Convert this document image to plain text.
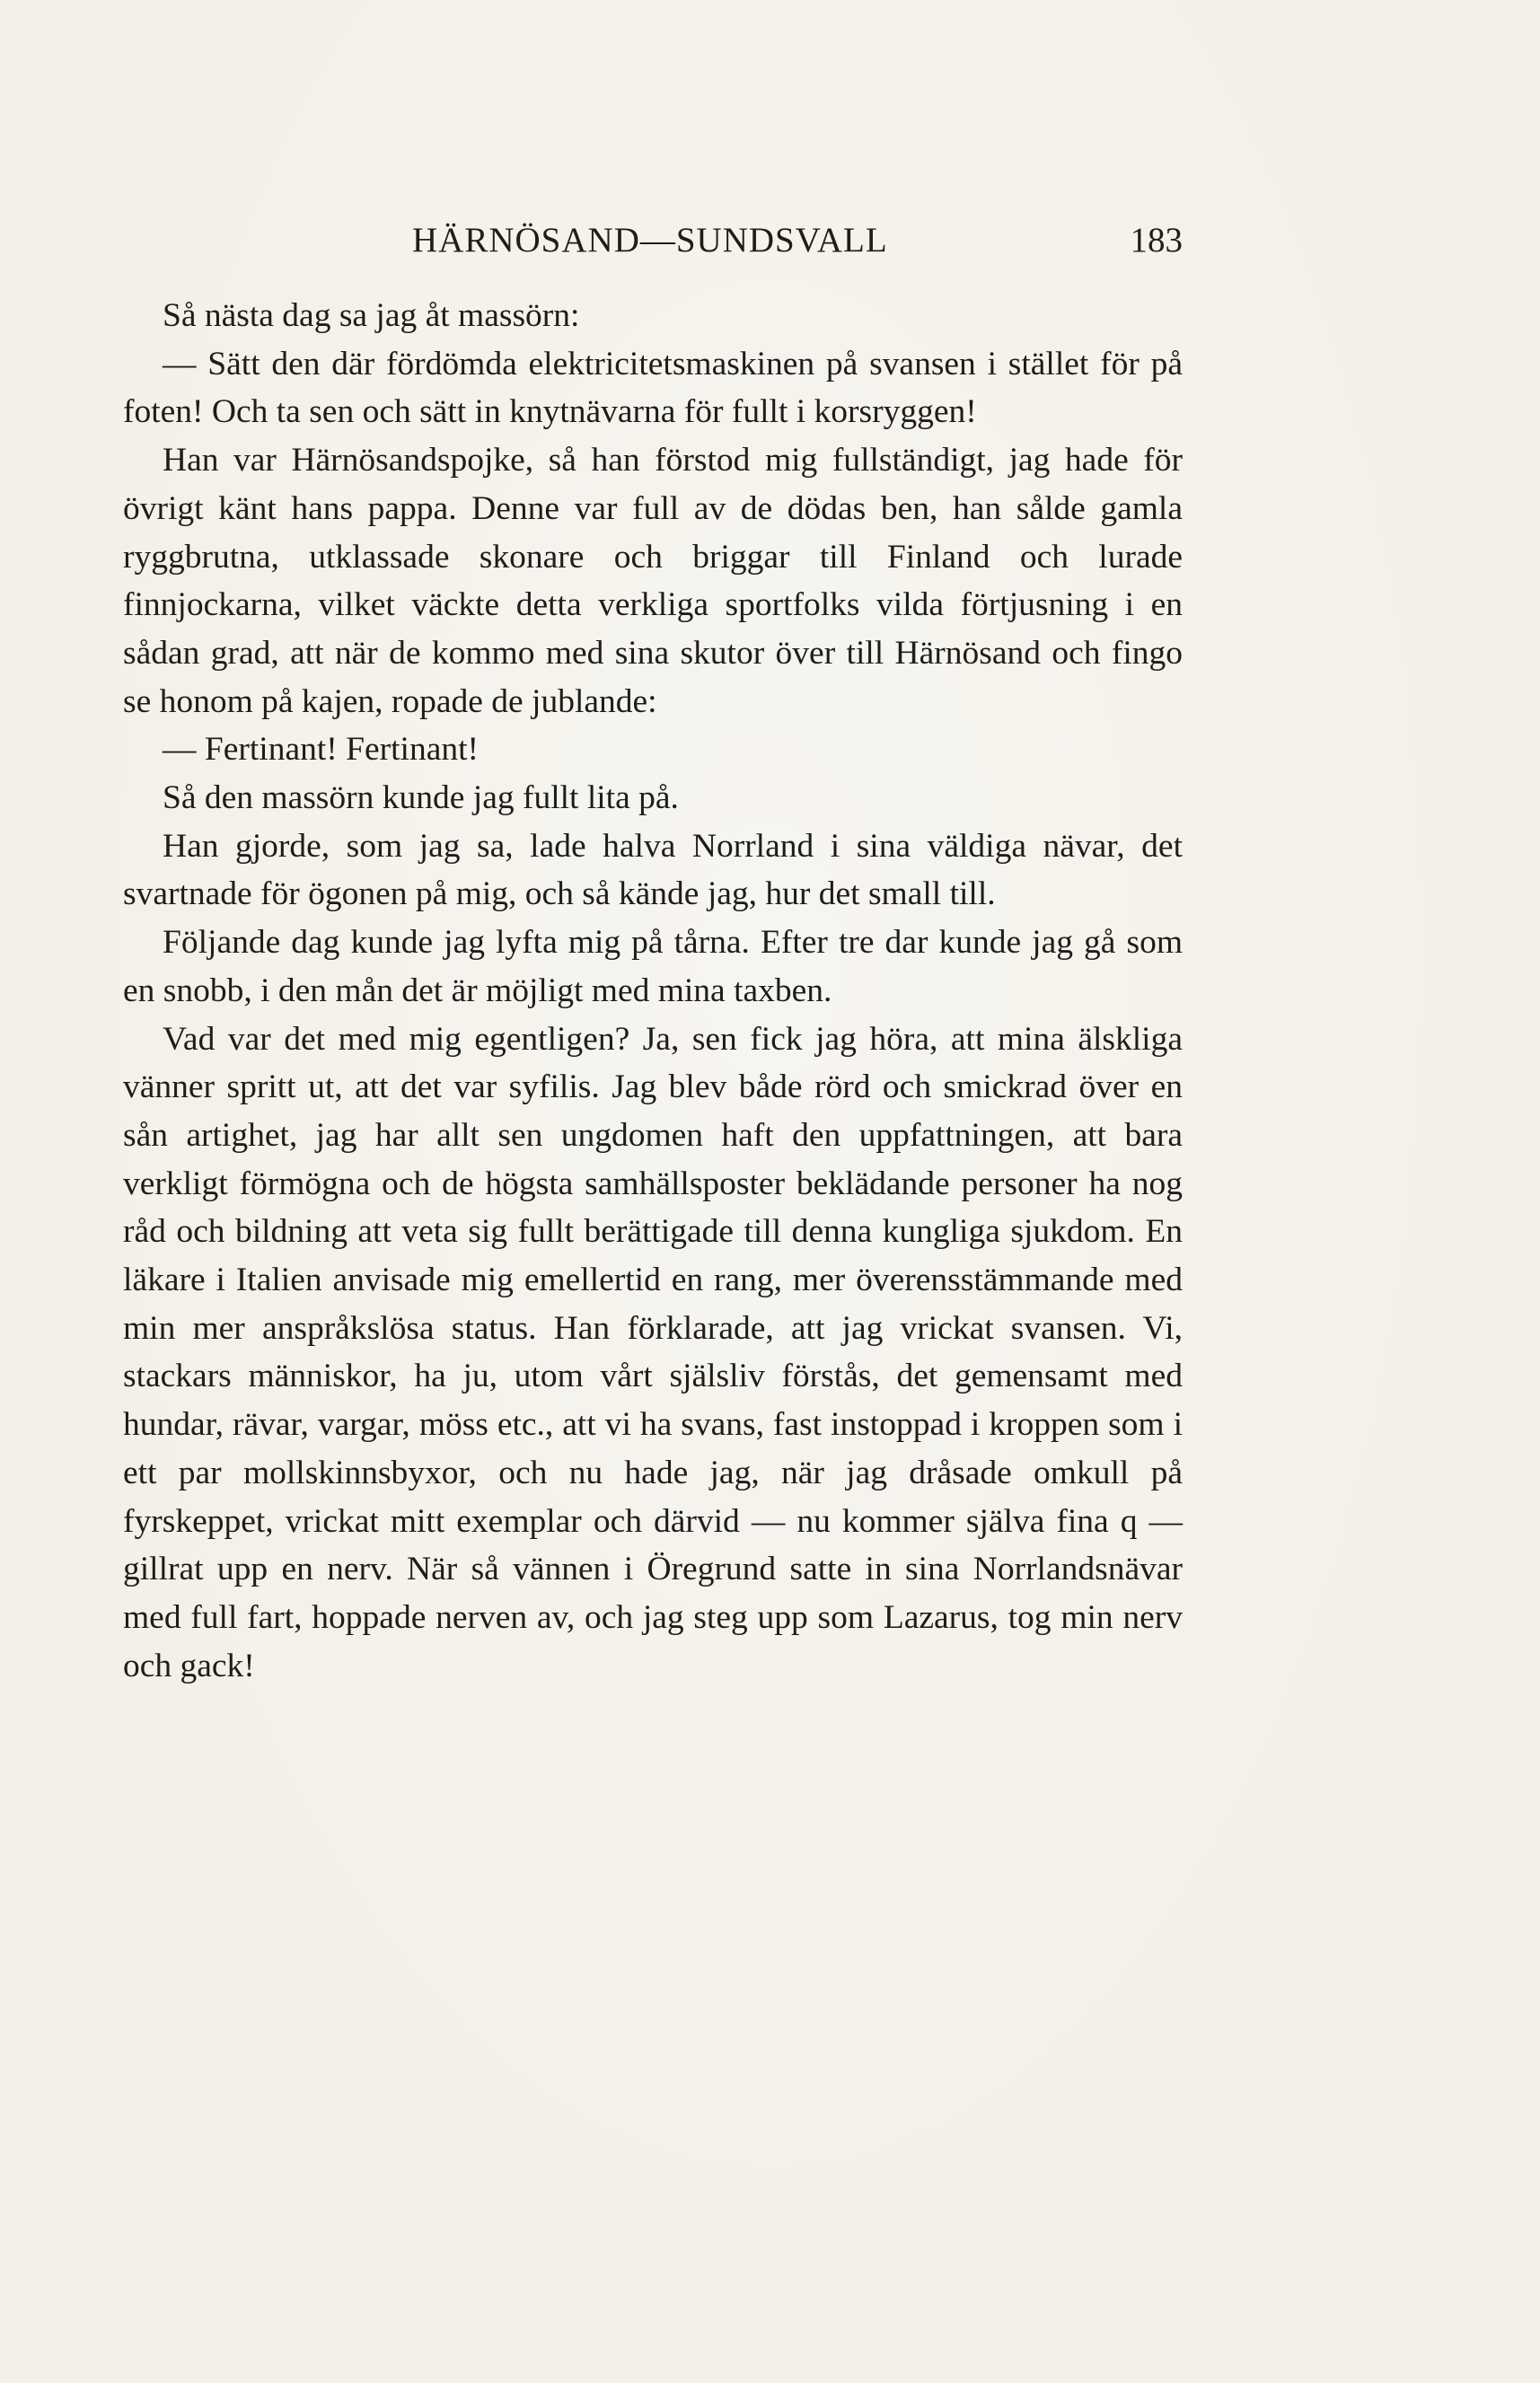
HÄRNÖSAND—SUNDSVALL	183

Så nästa dag sa jag åt massörn:

— Sätt den där fördömda elektricitetsmaskinen på svansen i stället för på foten! Och ta sen och sätt in knytnävarna för fullt i korsryggen!

Han var Härnösandspojke, så han förstod mig fullständigt, jag hade för övrigt känt hans pappa. Denne var full av de dödas ben, han sålde gamla ryggbrutna, utklassade skonare och briggar till Finland och lurade finnjockarna, vilket väckte detta verkliga sportfolks vilda förtjusning i en sådan grad, att när de kommo med sina skutor över till Härnösand och fingo se honom på kajen, ropade de jublande:

— Fertinant! Fertinant!

Så den massörn kunde jag fullt lita på.

Han gjorde, som jag sa, lade halva Norrland i sina väldiga nävar, det svartnade för ögonen på mig, och så kände jag, hur det small till.

Följande dag kunde jag lyfta mig på tårna. Efter tre dar kunde jag gå som en snobb, i den mån det är möjligt med mina taxben.

Vad var det med mig egentligen? Ja, sen fick jag höra, att mina älskliga vänner spritt ut, att det var syfilis. Jag blev både rörd och smickrad över en sån artighet, jag har allt sen ungdomen haft den uppfattningen, att bara verkligt förmögna och de högsta samhällsposter beklädande personer ha nog råd och bildning att veta sig fullt berättigade till denna kungliga sjukdom. En läkare i Italien anvisade mig emellertid en rang, mer överensstämmande med min mer anspråkslösa status. Han förklarade, att jag vrickat svansen. Vi, stackars människor, ha ju, utom vårt själsliv förstås, det gemensamt med hundar, rävar, vargar, möss etc., att vi ha svans, fast instoppad i kroppen som i ett par mollskinnsbyxor, och nu hade jag, när jag dråsade omkull på fyrskeppet, vrickat mitt exemplar och därvid — nu kommer själva fina q — gillrat upp en nerv. När så vännen i Öregrund satte in sina Norrlandsnävar med full fart, hoppade nerven av, och jag steg upp som Lazarus, tog min nerv och gack!
